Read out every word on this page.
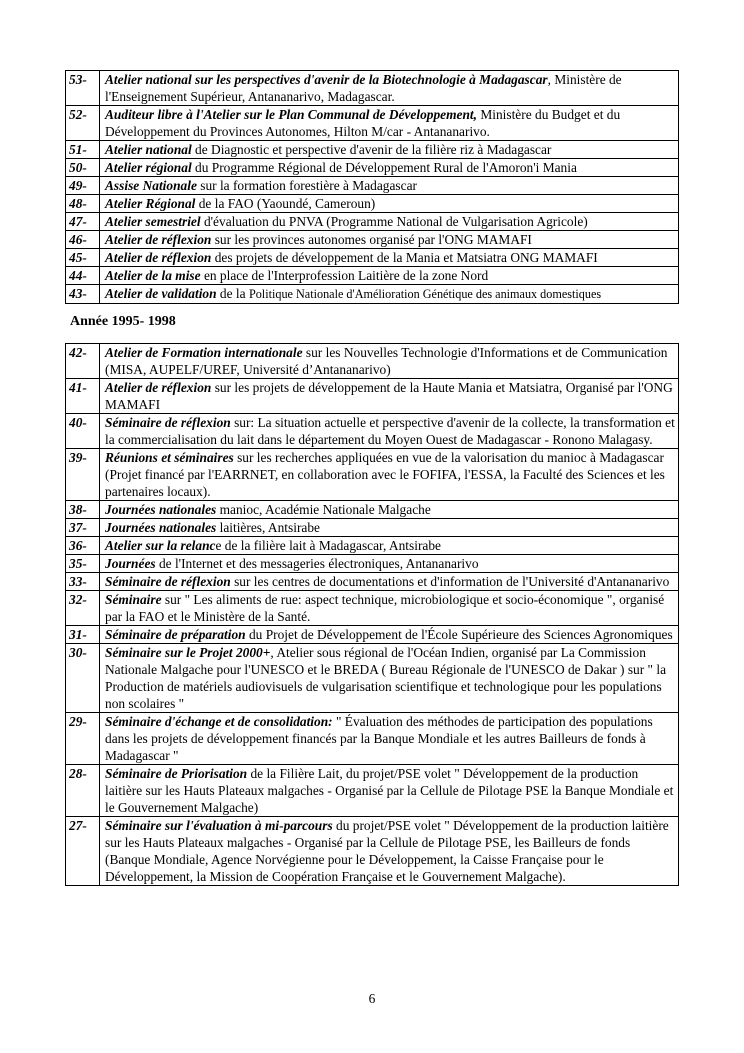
53-	Atelier national sur les perspectives d'avenir de la Biotechnologie à Madagascar, Ministère de l'Enseignement Supérieur, Antananarivo, Madagascar.
52-	Auditeur libre à l'Atelier sur le Plan Communal de Développement, Ministère du Budget et du Développement du Provinces Autonomes, Hilton M/car - Antananarivo.
51-	Atelier national de Diagnostic et perspective d'avenir de la filière riz à Madagascar
50-	Atelier régional du Programme Régional de Développement Rural de l'Amoron'i Mania
49-	Assise Nationale sur la formation forestière à Madagascar
48-	Atelier Régional de la FAO (Yaoundé, Cameroun)
47-	Atelier semestriel d'évaluation du PNVA (Programme National de Vulgarisation Agricole)
46-	Atelier de réflexion sur les provinces autonomes organisé par l'ONG MAMAFI
45-	Atelier de réflexion des projets de développement de la Mania et Matsiatra ONG MAMAFI
44-	Atelier de la mise en place de l'Interprofession Laitière de la zone Nord
43-	Atelier de validation de la Politique Nationale d'Amélioration Génétique des animaux domestiques

Année 1995- 1998

42-	Atelier de Formation internationale sur les Nouvelles Technologie d'Informations et de Communication (MISA, AUPELF/UREF, Université d’Antananarivo)
41-	Atelier de réflexion sur les projets de développement de la Haute Mania et Matsiatra, Organisé par l'ONG MAMAFI
40-	Séminaire de réflexion sur: La situation actuelle et perspective d'avenir de la collecte, la transformation et la commercialisation du lait dans le département du Moyen Ouest de Madagascar - Ronono Malagasy.
39-	Réunions et séminaires sur les recherches appliquées en vue de la valorisation du manioc à Madagascar (Projet financé par l'EARRNET, en collaboration avec le FOFIFA, l'ESSA, la Faculté des Sciences et les partenaires locaux).
38-	Journées nationales manioc, Académie Nationale Malgache
37-	Journées nationales laitières, Antsirabe
36-	Atelier sur la relance de la filière lait à Madagascar, Antsirabe
35-	Journées de l'Internet et des messageries électroniques, Antananarivo
33-	Séminaire de réflexion sur les centres de documentations et d'information de l'Université d'Antananarivo
32-	Séminaire sur " Les aliments de rue: aspect technique, microbiologique et socio-économique ", organisé par la FAO et le Ministère de la Santé.
31-	Séminaire de préparation du Projet de Développement de l'École Supérieure des Sciences Agronomiques
30-	Séminaire sur le Projet 2000+, Atelier sous régional de l'Océan Indien, organisé par La Commission Nationale Malgache pour l'UNESCO et le BREDA ( Bureau Régionale de l'UNESCO de Dakar ) sur " la Production de matériels audiovisuels de vulgarisation scientifique et technologique pour les populations non scolaires "
29-	Séminaire d'échange et de consolidation: " Évaluation des méthodes de participation des populations dans les projets de développement financés par la Banque Mondiale et les autres Bailleurs de fonds à Madagascar "
28-	Séminaire de Priorisation de la Filière Lait, du projet/PSE volet " Développement de la production laitière sur les Hauts Plateaux malgaches - Organisé par la Cellule de Pilotage PSE la Banque Mondiale et le Gouvernement Malgache)
27-	Séminaire sur l'évaluation à mi-parcours du projet/PSE volet " Développement de la production laitière sur les Hauts Plateaux malgaches - Organisé par la Cellule de Pilotage PSE, les Bailleurs de fonds (Banque Mondiale, Agence Norvégienne pour le Développement, la Caisse Française pour le Développement, la Mission de Coopération Française et le Gouvernement Malgache).
6
